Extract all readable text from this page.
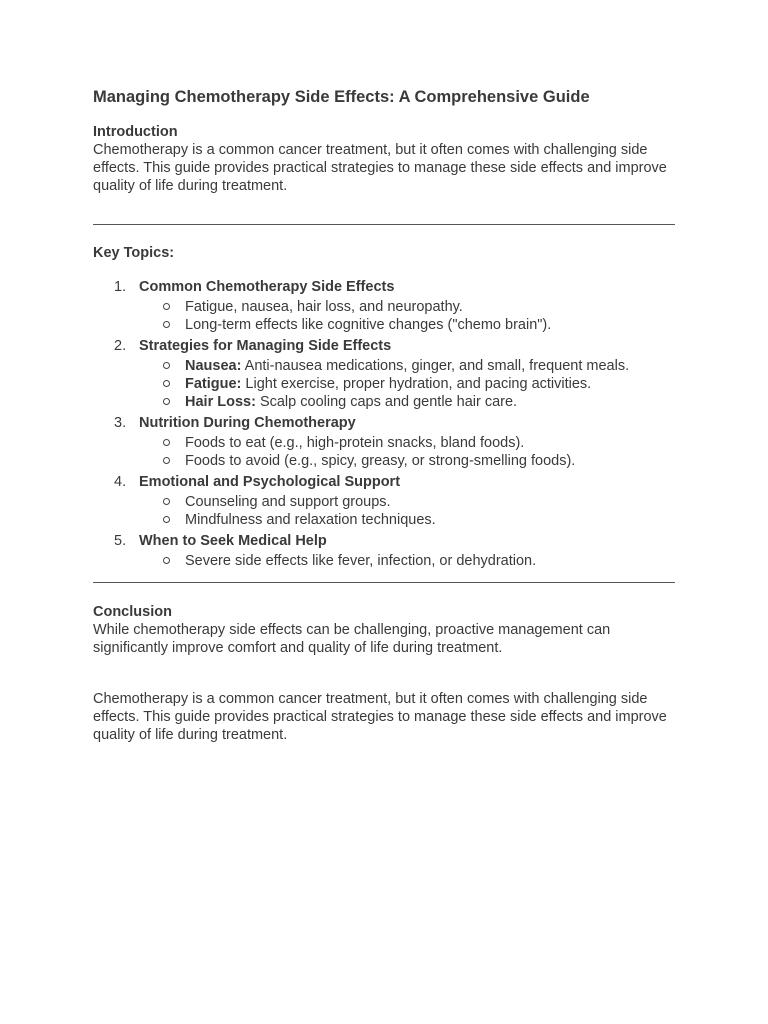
Managing Chemotherapy Side Effects: A Comprehensive Guide
Introduction

Chemotherapy is a common cancer treatment, but it often comes with challenging side effects. This guide provides practical strategies to manage these side effects and improve quality of life during treatment.

Key Topics:
1. Common Chemotherapy Side Effects
Fatigue, nausea, hair loss, and neuropathy.
Long-term effects like cognitive changes ("chemo brain").
2. Strategies for Managing Side Effects
Nausea: Anti-nausea medications, ginger, and small, frequent meals.
Fatigue: Light exercise, proper hydration, and pacing activities.
Hair Loss: Scalp cooling caps and gentle hair care.
3. Nutrition During Chemotherapy
Foods to eat (e.g., high-protein snacks, bland foods).
Foods to avoid (e.g., spicy, greasy, or strong-smelling foods).
4. Emotional and Psychological Support
Counseling and support groups.
Mindfulness and relaxation techniques.
5. When to Seek Medical Help
Severe side effects like fever, infection, or dehydration.
Conclusion

While chemotherapy side effects can be challenging, proactive management can significantly improve comfort and quality of life during treatment.

Chemotherapy is a common cancer treatment, but it often comes with challenging side effects. This guide provides practical strategies to manage these side effects and improve quality of life during treatment.
